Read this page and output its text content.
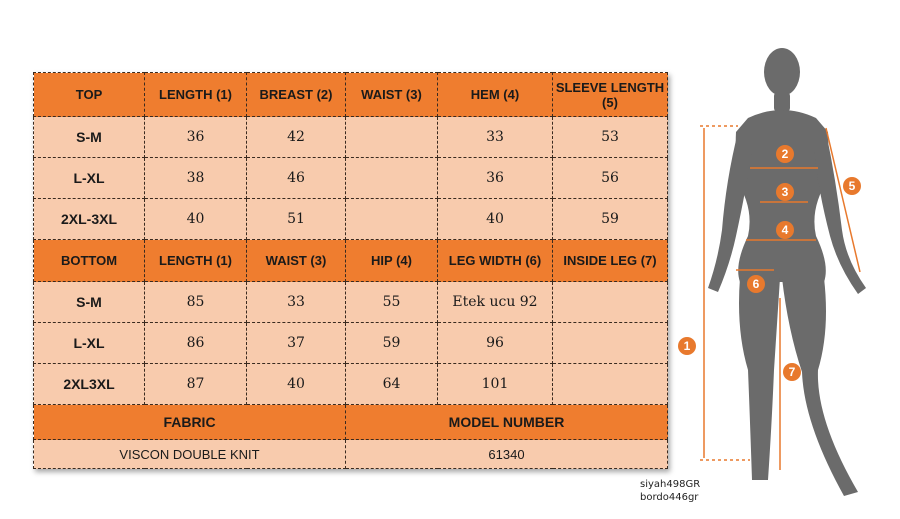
TOP	LENGTH (1)	BREAST (2)	WAIST (3)	HEM (4)	SLEEVE LENGTH (5)
S-M	36	42		33	53
L-XL	38	46		36	56
2XL-3XL	40	51		40	59
BOTTOM	LENGTH (1)	WAIST (3)	HIP (4)	LEG WIDTH (6)	INSIDE LEG (7)
S-M	85	33	55	Etek ucu 92	
L-XL	86	37	59	96	
2XL3XL	87	40	64	101	
FABRIC			MODEL NUMBER		
VISCON DOUBLE KNIT			61340		
1
2
3
4
5
6
7
siyah498GR
bordo446gr
